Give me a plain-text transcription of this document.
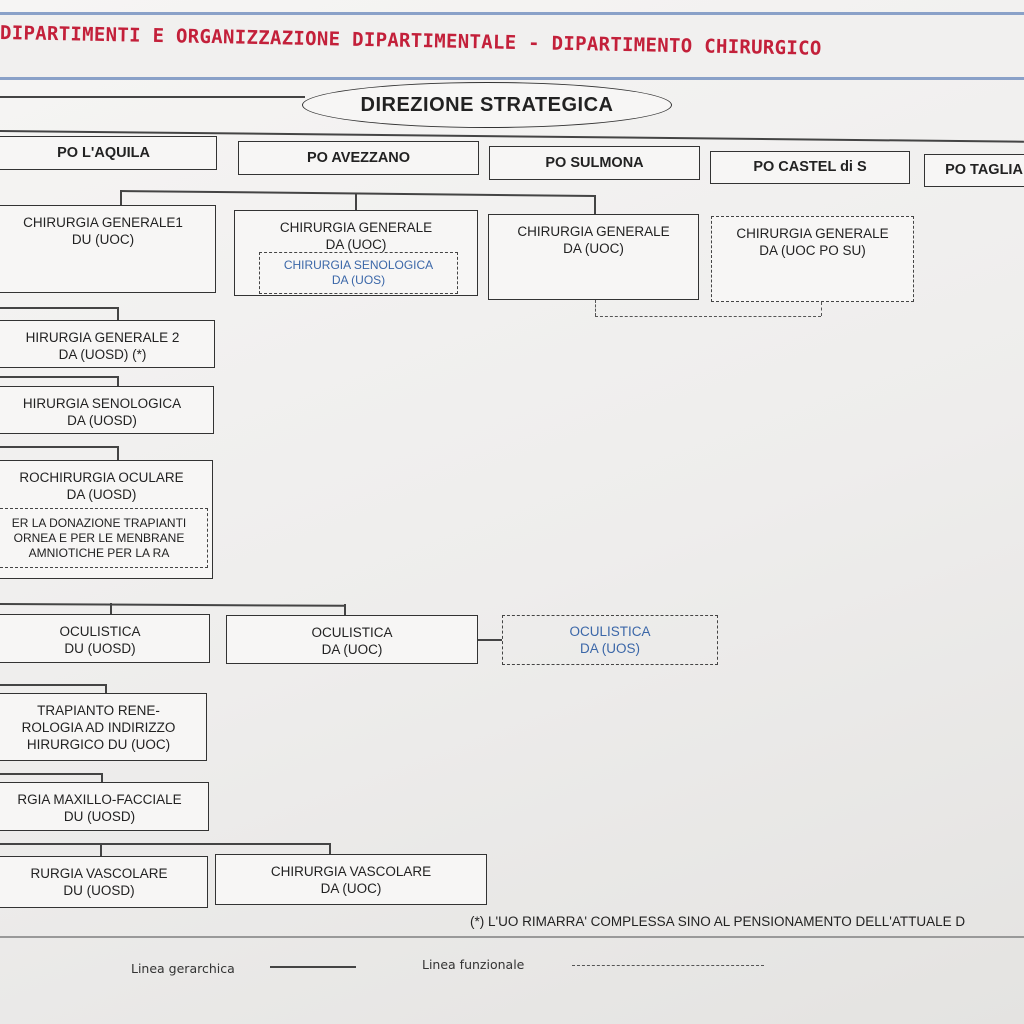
DIPARTIMENTI E ORGANIZZAZIONE DIPARTIMENTALE - DIPARTIMENTO CHIRURGICO
DIREZIONE STRATEGICA
PO L'AQUILA	PO AVEZZANO	PO SULMONA	PO CASTEL di S	PO TAGLIA
CHIRURGIA GENERALE1
DU (UOC)
CHIRURGIA GENERALE
DA (UOC)
CHIRURGIA SENOLOGICA
DA (UOS)
CHIRURGIA GENERALE
DA (UOC)
CHIRURGIA GENERALE
DA (UOC PO SU)
HIRURGIA GENERALE 2
DA (UOSD) (*)
HIRURGIA SENOLOGICA
DA (UOSD)
ROCHIRURGIA OCULARE
DA (UOSD)
ER LA DONAZIONE TRAPIANTI
ORNEA E PER LE MENBRANE
AMNIOTICHE PER LA RA
OCULISTICA
DU (UOSD)
OCULISTICA
DA (UOC)
OCULISTICA
DA (UOS)
TRAPIANTO RENE-
ROLOGIA AD INDIRIZZO
HIRURGICO DU (UOC)
RGIA MAXILLO-FACCIALE
DU (UOSD)
RURGIA VASCOLARE
DU (UOSD)
CHIRURGIA VASCOLARE
DA (UOC)
(*) L'UO RIMARRA' COMPLESSA SINO AL PENSIONAMENTO DELL'ATTUALE D
Linea gerarchica	Linea funzionale
